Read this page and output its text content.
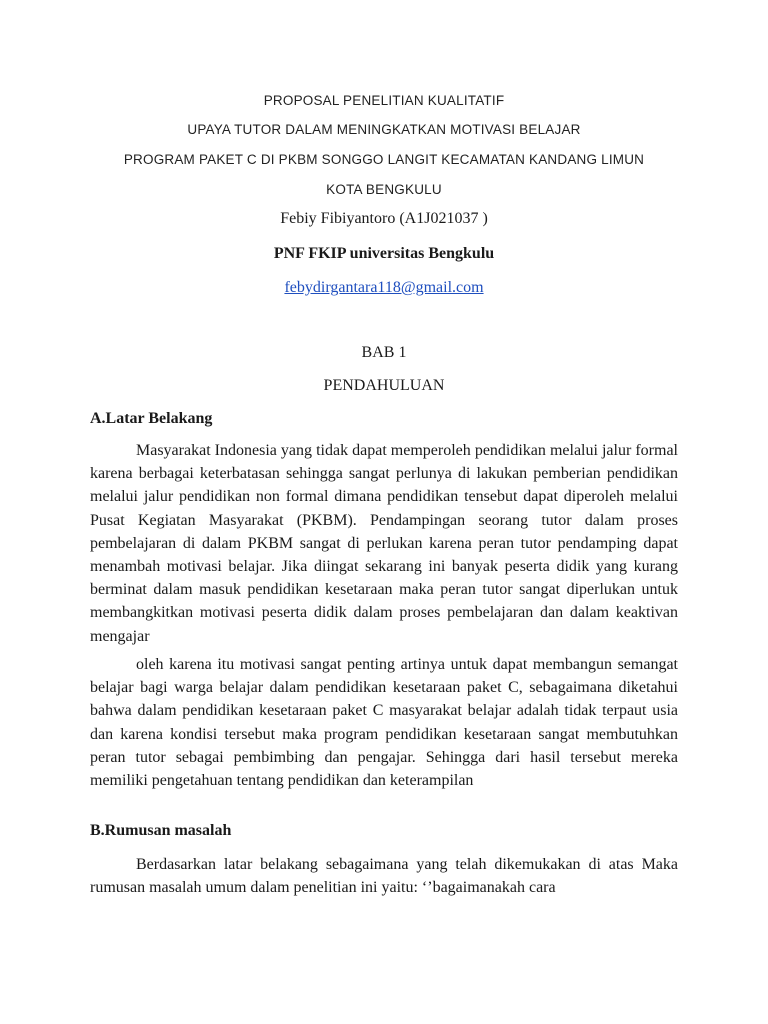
PROPOSAL PENELITIAN KUALITATIF
UPAYA TUTOR DALAM MENINGKATKAN MOTIVASI BELAJAR
PROGRAM PAKET C DI PKBM SONGGO LANGIT KECAMATAN KANDANG LIMUN
KOTA BENGKULU
Febiy Fibiyantoro (A1J021037 )
PNF FKIP universitas Bengkulu
febydirgantara118@gmail.com
BAB 1
PENDAHULUAN
A.Latar Belakang

Masyarakat Indonesia yang tidak dapat memperoleh pendidikan melalui jalur formal karena berbagai keterbatasan sehingga sangat perlunya di lakukan pemberian pendidikan melalui jalur pendidikan non formal dimana pendidikan tensebut dapat diperoleh melalui Pusat Kegiatan Masyarakat (PKBM). Pendampingan seorang tutor dalam proses pembelajaran di dalam PKBM sangat di perlukan karena peran tutor pendamping dapat menambah motivasi belajar. Jika diingat sekarang ini banyak peserta didik yang kurang berminat dalam masuk pendidikan kesetaraan maka peran tutor sangat diperlukan untuk membangkitkan motivasi peserta didik dalam proses pembelajaran dan dalam keaktivan mengajar

oleh karena itu motivasi sangat penting artinya untuk dapat membangun semangat belajar bagi warga belajar dalam pendidikan kesetaraan paket C, sebagaimana diketahui bahwa dalam pendidikan kesetaraan paket C masyarakat belajar adalah tidak terpaut usia dan karena kondisi tersebut maka program pendidikan kesetaraan sangat membutuhkan peran tutor sebagai pembimbing dan pengajar. Sehingga dari hasil tersebut mereka memiliki pengetahuan tentang pendidikan dan keterampilan

B.Rumusan masalah

Berdasarkan latar belakang sebagaimana yang telah dikemukakan di atas Maka rumusan masalah umum dalam penelitian ini yaitu: ‘’bagaimanakah cara
